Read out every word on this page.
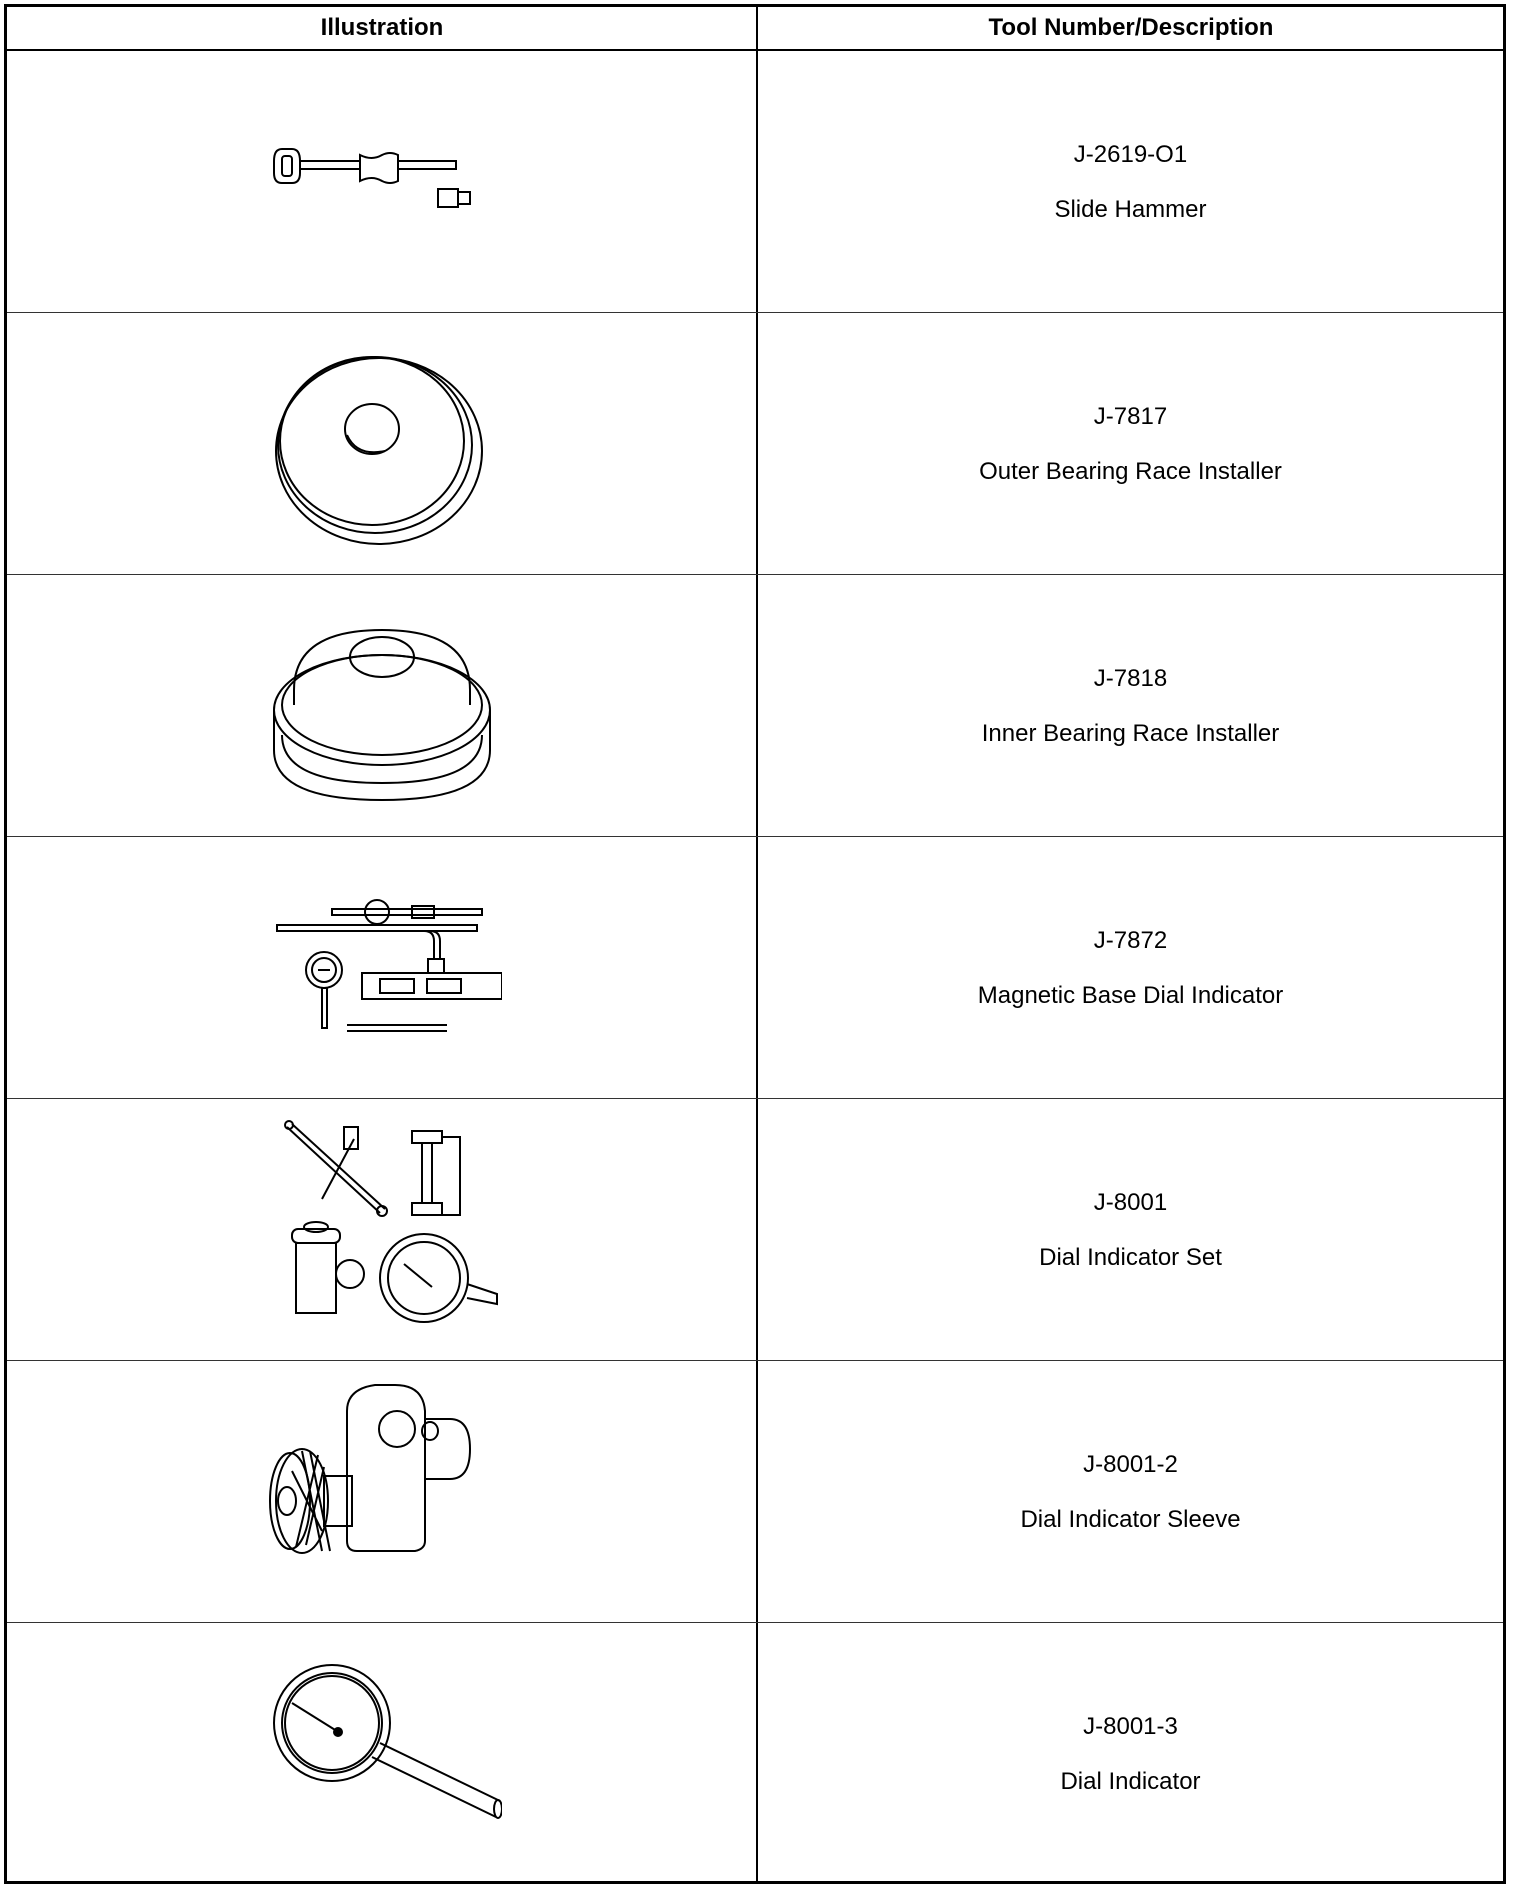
Illustration	Tool Number/Description
J-2619-O1
Slide Hammer
J-7817
Outer Bearing Race Installer
J-7818
Inner Bearing Race Installer
J-7872
Magnetic Base Dial Indicator
J-8001
Dial Indicator Set
J-8001-2
Dial Indicator Sleeve
J-8001-3
Dial Indicator
